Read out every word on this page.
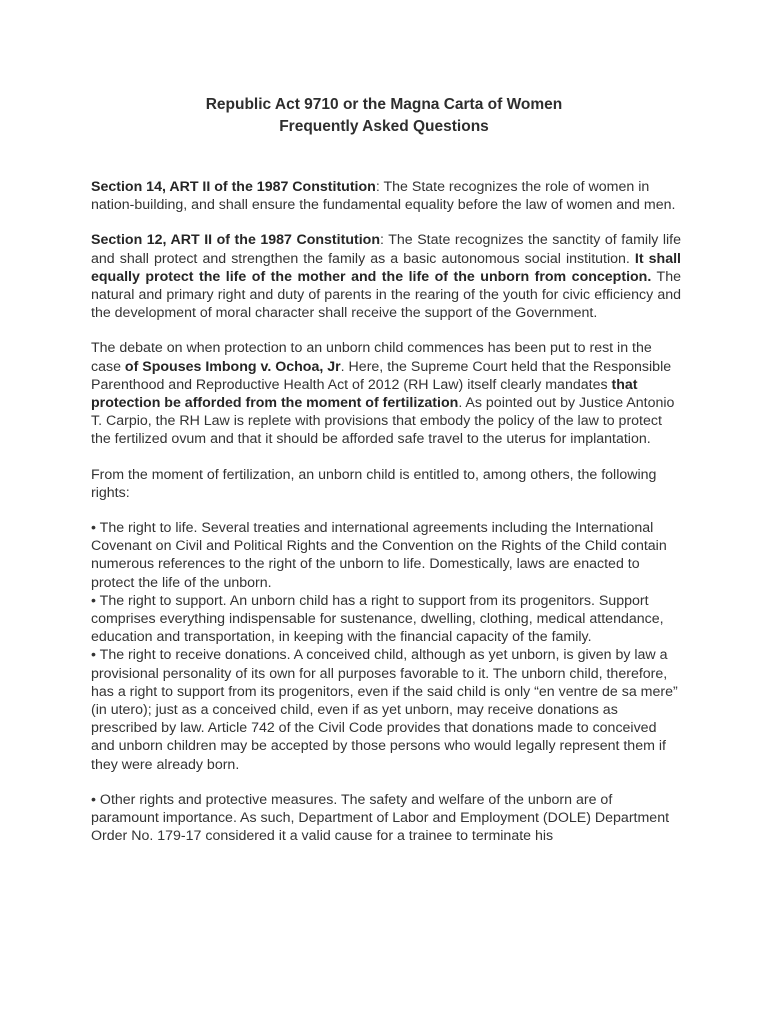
Republic Act 9710 or the Magna Carta of Women
Frequently Asked Questions

Section 14, ART II of the 1987 Constitution: The State recognizes the role of women in nation-building, and shall ensure the fundamental equality before the law of women and men.

Section 12, ART II of the 1987 Constitution: The State recognizes the sanctity of family life and shall protect and strengthen the family as a basic autonomous social institution. It shall equally protect the life of the mother and the life of the unborn from conception. The natural and primary right and duty of parents in the rearing of the youth for civic efficiency and the development of moral character shall receive the support of the Government.

The debate on when protection to an unborn child commences has been put to rest in the case of Spouses Imbong v. Ochoa, Jr. Here, the Supreme Court held that the Responsible Parenthood and Reproductive Health Act of 2012 (RH Law) itself clearly mandates that protection be afforded from the moment of fertilization. As pointed out by Justice Antonio T. Carpio, the RH Law is replete with provisions that embody the policy of the law to protect the fertilized ovum and that it should be afforded safe travel to the uterus for implantation.

From the moment of fertilization, an unborn child is entitled to, among others, the following rights:

• The right to life. Several treaties and international agreements including the International Covenant on Civil and Political Rights and the Convention on the Rights of the Child contain numerous references to the right of the unborn to life. Domestically, laws are enacted to protect the life of the unborn.
• The right to support. An unborn child has a right to support from its progenitors. Support comprises everything indispensable for sustenance, dwelling, clothing, medical attendance, education and transportation, in keeping with the financial capacity of the family.
• The right to receive donations. A conceived child, although as yet unborn, is given by law a provisional personality of its own for all purposes favorable to it. The unborn child, therefore, has a right to support from its progenitors, even if the said child is only “en ventre de sa mere” (in utero); just as a conceived child, even if as yet unborn, may receive donations as prescribed by law. Article 742 of the Civil Code provides that donations made to conceived and unborn children may be accepted by those persons who would legally represent them if they were already born.

• Other rights and protective measures. The safety and welfare of the unborn are of paramount importance. As such, Department of Labor and Employment (DOLE) Department Order No. 179-17 considered it a valid cause for a trainee to terminate his
